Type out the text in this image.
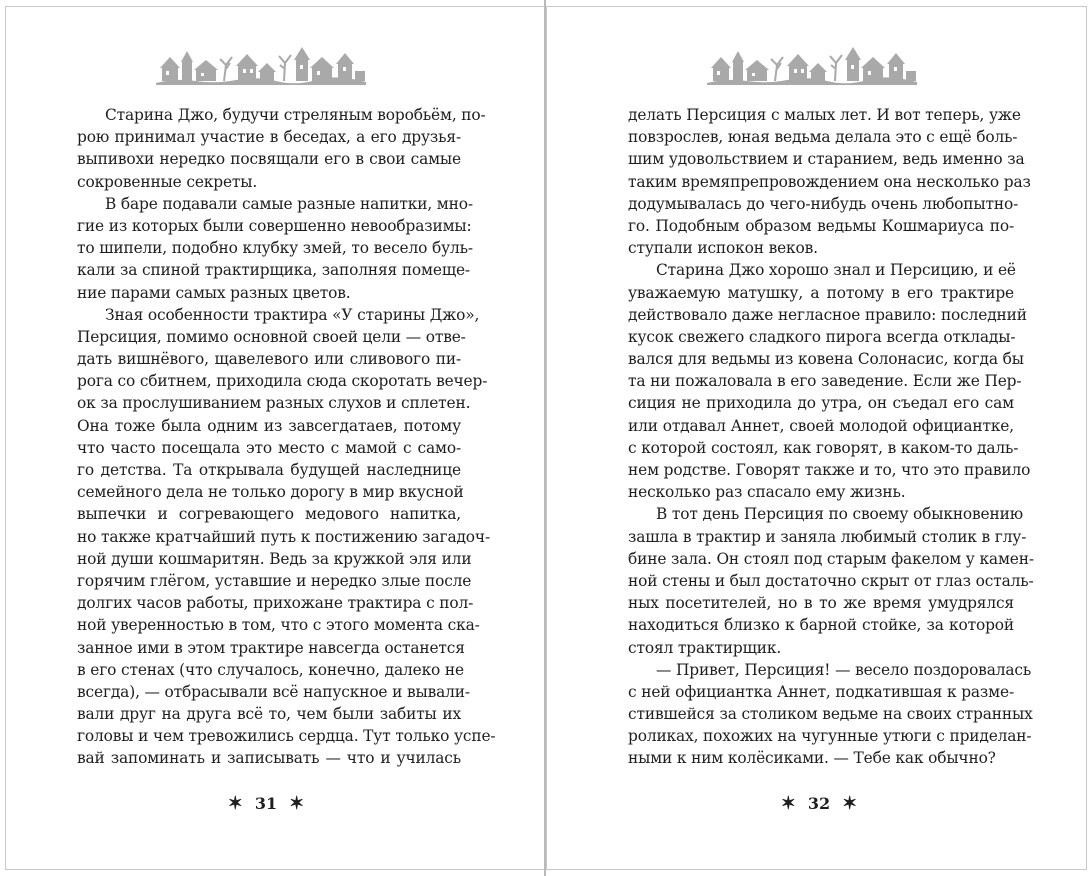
Старина Джо, будучи стреляным воробьём, по-
рою принимал участие в беседах, а его друзья-
выпивохи нередко посвящали его в свои самые
сокровенные секреты.
В баре подавали самые разные напитки, мно-
гие из которых были совершенно невообразимы:
то шипели, подобно клубку змей, то весело буль-
кали за спиной трактирщика, заполняя помеще-
ние парами самых разных цветов.
Зная особенности трактира «У старины Джо»,
Персиция, помимо основной своей цели — отве-
дать вишнёвого, щавелевого или сливового пи-
рога со сбитнем, приходила сюда скоротать вечер-
ок за прослушиванием разных слухов и сплетен.
Она тоже была одним из завсегдатаев, потому
что часто посещала это место с мамой с само-
го детства. Та открывала будущей наследнице
семейного дела не только дорогу в мир вкусной
выпечки и согревающего медового напитка,
но также кратчайший путь к постижению загадоч-
ной души кошмаритян. Ведь за кружкой эля или
горячим глёгом, уставшие и нередко злые после
долгих часов работы, прихожане трактира с пол-
ной уверенностью в том, что с этого момента ска-
занное ими в этом трактире навсегда останется
в его стенах (что случалось, конечно, далеко не
всегда), — отбрасывали всё напускное и вывали-
вали друг на друга всё то, чем были забиты их
головы и чем тревожились сердца. Тут только успе-
вай запоминать и записывать — что и училась
✶ 31 ✶
делать Персиция с малых лет. И вот теперь, уже
повзрослев, юная ведьма делала это с ещё боль-
шим удовольствием и старанием, ведь именно за
таким времяпрепровождением она несколько раз
додумывалась до чего-нибудь очень любопытно-
го. Подобным образом ведьмы Кошмариуса по-
ступали испокон веков.
Старина Джо хорошо знал и Персицию, и её
уважаемую матушку, а потому в его трактире
действовало даже негласное правило: последний
кусок свежего сладкого пирога всегда отклады-
вался для ведьмы из ковена Солонасис, когда бы
та ни пожаловала в его заведение. Если же Пер-
сиция не приходила до утра, он съедал его сам
или отдавал Аннет, своей молодой официантке,
с которой состоял, как говорят, в каком-то даль-
нем родстве. Говорят также и то, что это правило
несколько раз спасало ему жизнь.
В тот день Персиция по своему обыкновению
зашла в трактир и заняла любимый столик в глу-
бине зала. Он стоял под старым факелом у камен-
ной стены и был достаточно скрыт от глаз осталь-
ных посетителей, но в то же время умудрялся
находиться близко к барной стойке, за которой
стоял трактирщик.
— Привет, Персиция! — весело поздоровалась
с ней официантка Аннет, подкатившая к размe-
стившейся за столиком ведьме на своих странных
роликах, похожих на чугунные утюги с приделан-
ными к ним колёсиками. — Тебе как обычно?
✶ 32 ✶
